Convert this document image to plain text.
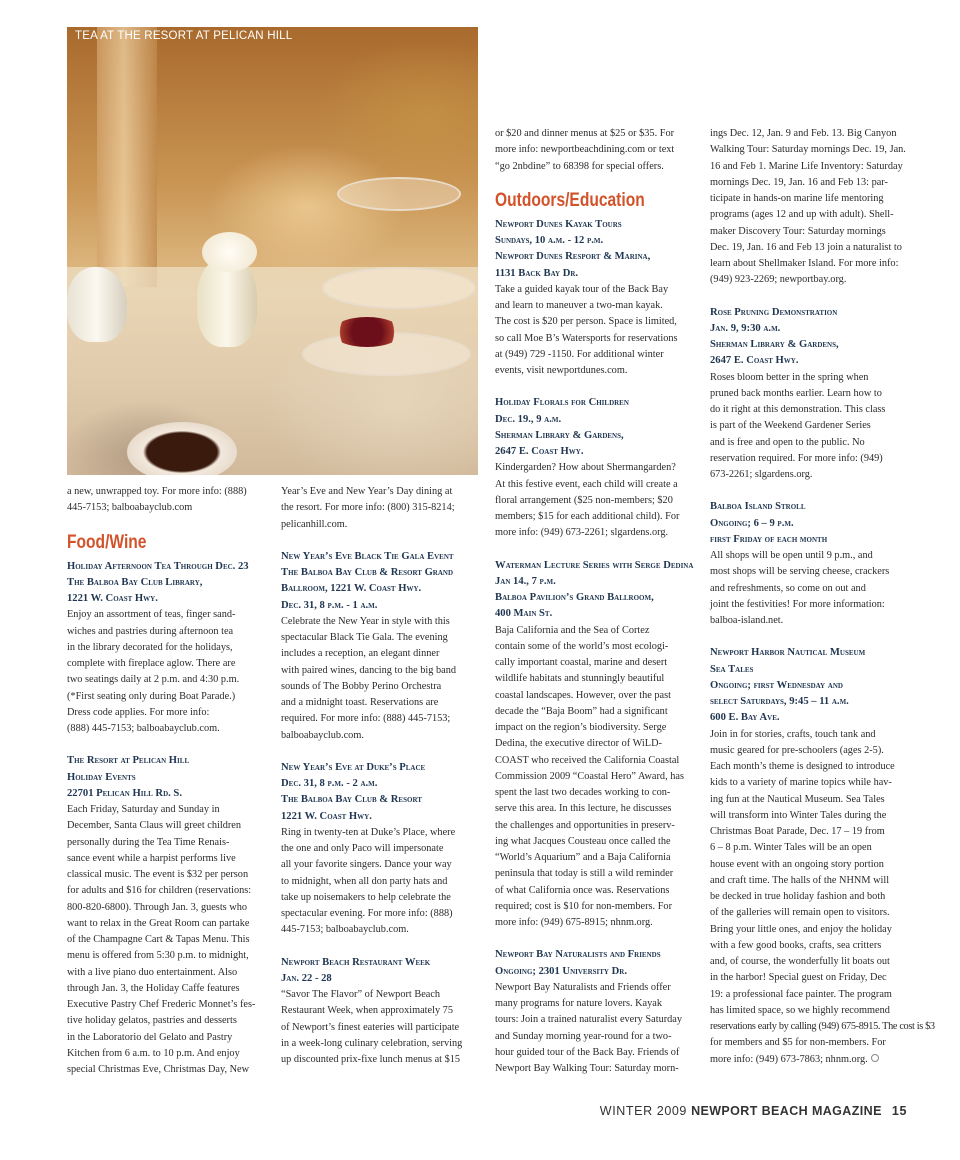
TEA AT THE RESORT AT PELICAN HILL

a new, unwrapped toy. For more info: (888)

445-7153; balboabayclub.com

Food/Wine

Holiday Afternoon Tea Through Dec. 23

The Balboa Bay Club Library,

1221 W. Coast Hwy.

Enjoy an assortment of teas, finger sand-

wiches and pastries during afternoon tea

in the library decorated for the holidays,

complete with fireplace aglow. There are

two seatings daily at 2 p.m. and 4:30 p.m.

(*First seating only during Boat Parade.)

Dress code applies. For more info:

(888) 445-7153; balboabayclub.com.

The Resort at Pelican Hill

Holiday Events

22701 Pelican Hill Rd. S.

Each Friday, Saturday and Sunday in

December, Santa Claus will greet children

personally during the Tea Time Renais-

sance event while a harpist performs live

classical music. The event is $32 per person

for adults and $16 for children (reservations:

800-820-6800). Through Jan. 3, guests who

want to relax in the Great Room can partake

of the Champagne Cart & Tapas Menu. This

menu is offered from 5:30 p.m. to midnight,

with a live piano duo entertainment. Also

through Jan. 3, the Holiday Caffe features

Executive Pastry Chef Frederic Monnet’s fes-

tive holiday gelatos, pastries and desserts

in the Laboratorio del Gelato and Pastry

Kitchen from 6 a.m. to 10 p.m. And enjoy

special Christmas Eve, Christmas Day, New

Year’s Eve and New Year’s Day dining at

the resort. For more info: (800) 315-8214;

pelicanhill.com.

New Year’s Eve Black Tie Gala Event

The Balboa Bay Club & Resort Grand

Ballroom, 1221 W. Coast Hwy.

Dec. 31, 8 p.m. - 1 a.m.

Celebrate the New Year in style with this

spectacular Black Tie Gala. The evening

includes a reception, an elegant dinner

with paired wines, dancing to the big band

sounds of The Bobby Perino Orchestra

and a midnight toast. Reservations are

required. For more info: (888) 445-7153;

balboabayclub.com.

New Year’s Eve at Duke’s Place

Dec. 31, 8 p.m. - 2 a.m.

The Balboa Bay Club & Resort

1221 W. Coast Hwy.

Ring in twenty-ten at Duke’s Place, where

the one and only Paco will impersonate

all your favorite singers. Dance your way

to midnight, when all don party hats and

take up noisemakers to help celebrate the

spectacular evening. For more info: (888)

445-7153; balboabayclub.com.

Newport Beach Restaurant Week

Jan. 22 - 28

“Savor The Flavor” of Newport Beach

Restaurant Week, when approximately 75

of Newport’s finest eateries will participate

in a week-long culinary celebration, serving

up discounted prix-fixe lunch menus at $15

or $20 and dinner menus at $25 or $35. For

more info: newportbeachdining.com or text

“go 2nbdine” to 68398 for special offers.

Outdoors/Education

Newport Dunes Kayak Tours

Sundays, 10 a.m. - 12 p.m.

Newport Dunes Resport & Marina,

1131 Back Bay Dr.

Take a guided kayak tour of the Back Bay

and learn to maneuver a two-man kayak.

The cost is $20 per person. Space is limited,

so call Moe B’s Watersports for reservations

at (949) 729 -1150. For additional winter

events, visit newportdunes.com.

Holiday Florals for Children

Dec. 19., 9 a.m.

Sherman Library & Gardens,

2647 E. Coast Hwy.

Kindergarden? How about Shermangarden?

At this festive event, each child will create a

floral arrangement ($25 non-members; $20

members; $15 for each additional child). For

more info: (949) 673-2261; slgardens.org.

Waterman Lecture Series with Serge Dedina

Jan 14., 7 p.m.

Balboa Pavilion’s Grand Ballroom,

400 Main St.

Baja California and the Sea of Cortez

contain some of the world’s most ecologi-

cally important coastal, marine and desert

wildlife habitats and stunningly beautiful

coastal landscapes. However, over the past

decade the “Baja Boom” had a significant

impact on the region’s biodiversity. Serge

Dedina, the executive director of WiLD-

COAST who received the California Coastal

Commission 2009 “Coastal Hero” Award, has

spent the last two decades working to con-

serve this area. In this lecture, he discusses

the challenges and opportunities in preserv-

ing what Jacques Cousteau once called the

“World’s Aquarium” and a Baja California

peninsula that today is still a wild reminder

of what California once was. Reservations

required; cost is $10 for non-members. For

more info: (949) 675-8915; nhnm.org.

Newport Bay Naturalists and Friends

Ongoing; 2301 University Dr.

Newport Bay Naturalists and Friends offer

many programs for nature lovers. Kayak

tours: Join a trained naturalist every Saturday

and Sunday morning year-round for a two-

hour guided tour of the Back Bay. Friends of

Newport Bay Walking Tour: Saturday morn-

ings Dec. 12, Jan. 9 and Feb. 13. Big Canyon

Walking Tour: Saturday mornings Dec. 19, Jan.

16 and Feb 1. Marine Life Inventory: Saturday

mornings Dec. 19, Jan. 16 and Feb 13: par-

ticipate in hands-on marine life mentoring

programs (ages 12 and up with adult). Shell-

maker Discovery Tour: Saturday mornings

Dec. 19, Jan. 16 and Feb 13 join a naturalist to

learn about Shellmaker Island. For more info:

(949) 923-2269; newportbay.org.

Rose Pruning Demonstration

Jan. 9, 9:30 a.m.

Sherman Library & Gardens,

2647 E. Coast Hwy.

Roses bloom better in the spring when

pruned back months earlier. Learn how to

do it right at this demonstration. This class

is part of the Weekend Gardener Series

and is free and open to the public. No

reservation required. For more info: (949)

673-2261; slgardens.org.

Balboa Island Stroll

Ongoing; 6 – 9 p.m.

first Friday of each month

All shops will be open until 9 p.m., and

most shops will be serving cheese, crackers

and refreshments, so come on out and

joint the festivities! For more information:

balboa-island.net.

Newport Harbor Nautical Museum

Sea Tales

Ongoing; first Wednesday and

select Saturdays, 9:45 – 11 a.m.

600 E. Bay Ave.

Join in for stories, crafts, touch tank and

music geared for pre-schoolers (ages 2-5).

Each month’s theme is designed to introduce

kids to a variety of marine topics while hav-

ing fun at the Nautical Museum. Sea Tales

will transform into Winter Tales during the

Christmas Boat Parade, Dec. 17 – 19 from

6 – 8 p.m. Winter Tales will be an open

house event with an ongoing story portion

and craft time. The halls of the NHNM will

be decked in true holiday fashion and both

of the galleries will remain open to visitors.

Bring your little ones, and enjoy the holiday

with a few good books, crafts, sea critters

and, of course, the wonderfully lit boats out

in the harbor! Special guest on Friday, Dec

19: a professional face painter. The program

has limited space, so we highly recommend

reservations early by calling (949) 675-8915. The cost is $3

for members and $5 for non-members. For

more info: (949) 673-7863; nhnm.org.

WINTER 2009 NEWPORT BEACH MAGAZINE 15
